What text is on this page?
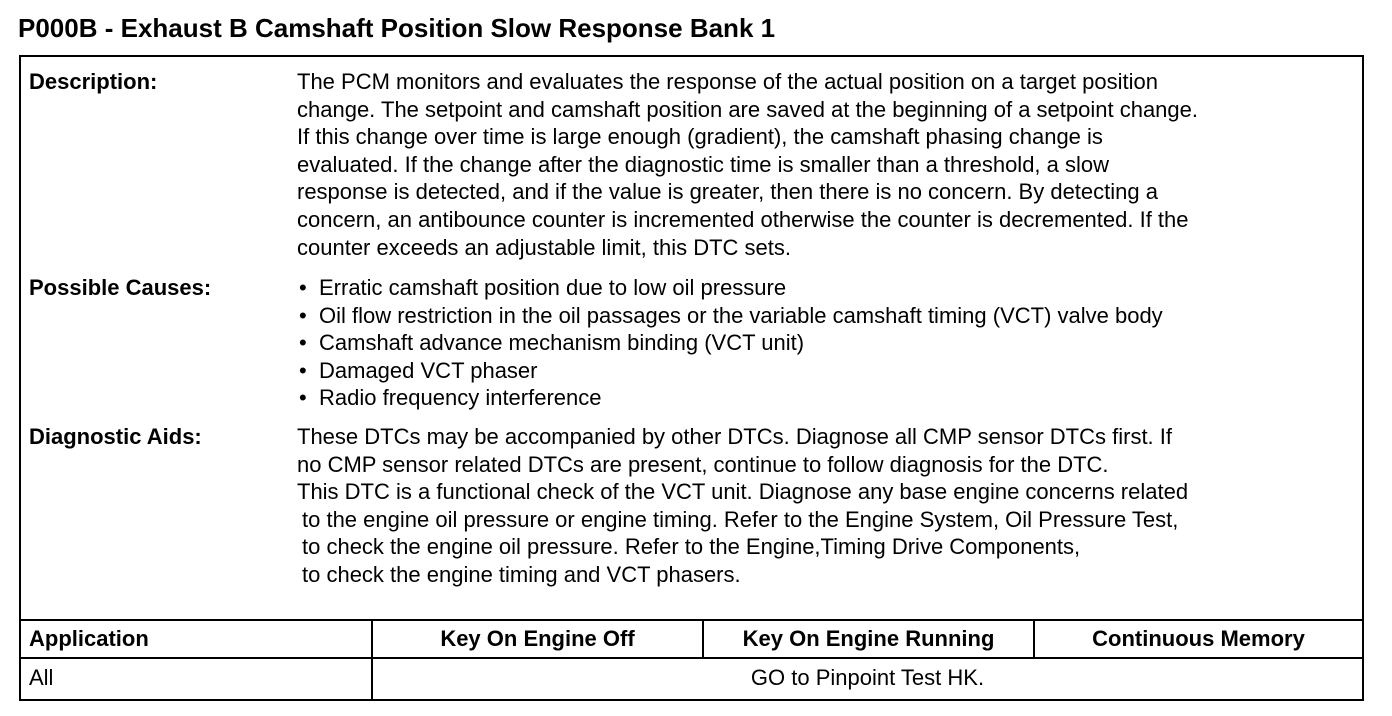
P000B - Exhaust B Camshaft Position Slow Response Bank 1
Description:	The PCM monitors and evaluates the response of the actual position on a target position
change. The setpoint and camshaft position are saved at the beginning of a setpoint change.
If this change over time is large enough (gradient), the camshaft phasing change is
evaluated. If the change after the diagnostic time is smaller than a threshold, a slow
response is detected, and if the value is greater, then there is no concern. By detecting a
concern, an antibounce counter is incremented otherwise the counter is decremented. If the
counter exceeds an adjustable limit, this DTC sets.
Possible Causes:	• Erratic camshaft position due to low oil pressure
• Oil flow restriction in the oil passages or the variable camshaft timing (VCT) valve body
• Camshaft advance mechanism binding (VCT unit)
• Damaged VCT phaser
• Radio frequency interference
Diagnostic Aids:	These DTCs may be accompanied by other DTCs. Diagnose all CMP sensor DTCs first. If
no CMP sensor related DTCs are present, continue to follow diagnosis for the DTC.
This DTC is a functional check of the VCT unit. Diagnose any base engine concerns related
to the engine oil pressure or engine timing. Refer to the Engine System, Oil Pressure Test,
to check the engine oil pressure. Refer to the Engine,Timing Drive Components,
to check the engine timing and VCT phasers.
Application	Key On Engine Off	Key On Engine Running	Continuous Memory
All	GO to Pinpoint Test HK.
